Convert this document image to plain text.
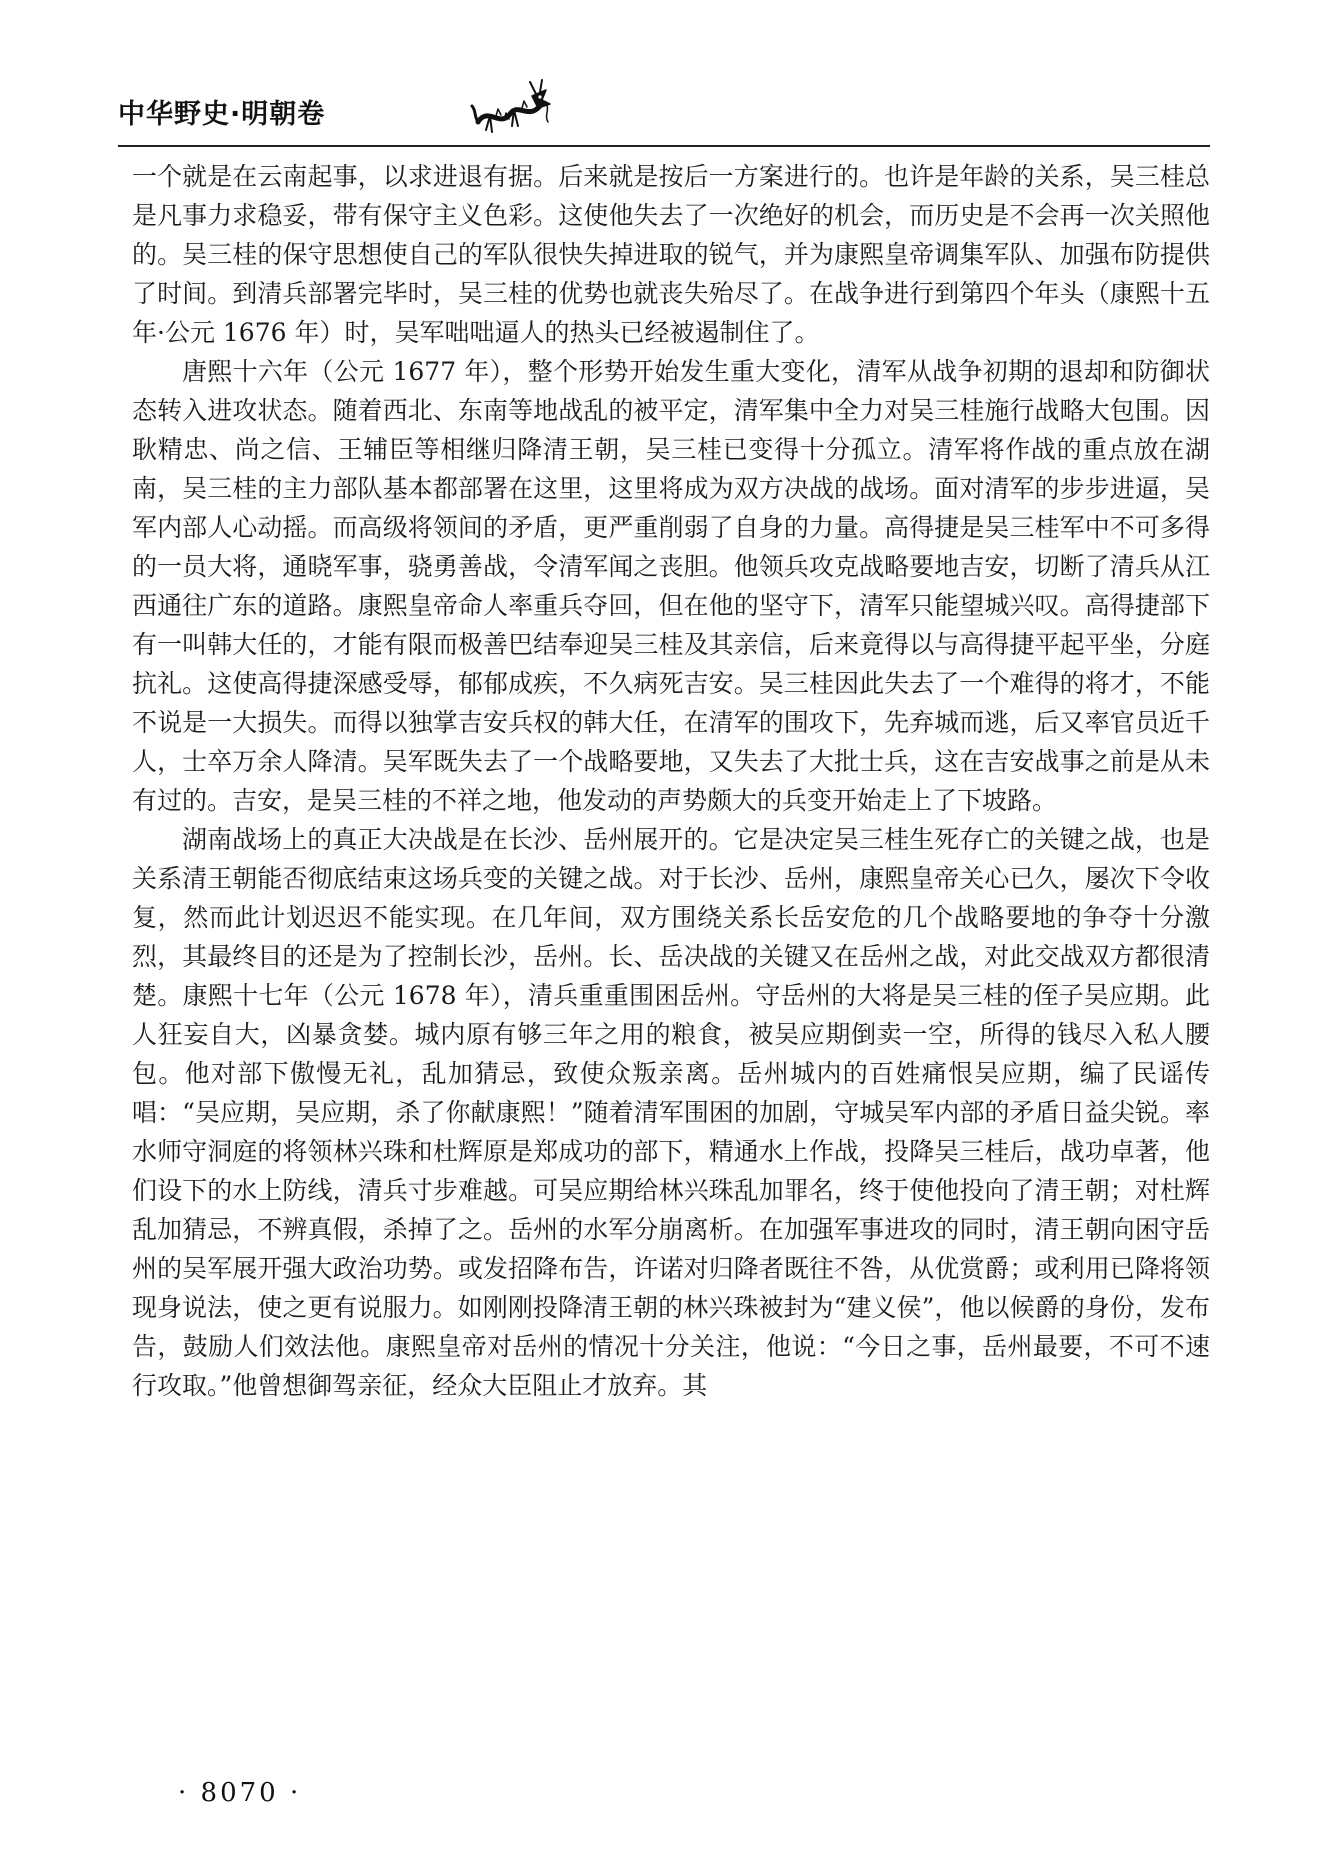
中华野史·明朝卷

一个就是在云南起事，以求进退有据。后来就是按后一方案进行的。也许是年龄的关系，吴三桂总是凡事力求稳妥，带有保守主义色彩。这使他失去了一次绝好的机会，而历史是不会再一次关照他的。吴三桂的保守思想使自己的军队很快失掉进取的锐气，并为康熙皇帝调集军队、加强布防提供了时间。到清兵部署完毕时，吴三桂的优势也就丧失殆尽了。在战争进行到第四个年头（康熙十五年·公元 1676 年）时，吴军咄咄逼人的热头已经被遏制住了。

唐熙十六年（公元 1677 年），整个形势开始发生重大变化，清军从战争初期的退却和防御状态转入进攻状态。随着西北、东南等地战乱的被平定，清军集中全力对吴三桂施行战略大包围。因耿精忠、尚之信、王辅臣等相继归降清王朝，吴三桂已变得十分孤立。清军将作战的重点放在湖南，吴三桂的主力部队基本都部署在这里，这里将成为双方决战的战场。面对清军的步步进逼，吴军内部人心动摇。而高级将领间的矛盾，更严重削弱了自身的力量。高得捷是吴三桂军中不可多得的一员大将，通晓军事，骁勇善战，令清军闻之丧胆。他领兵攻克战略要地吉安，切断了清兵从江西通往广东的道路。康熙皇帝命人率重兵夺回，但在他的坚守下，清军只能望城兴叹。高得捷部下有一叫韩大任的，才能有限而极善巴结奉迎吴三桂及其亲信，后来竟得以与高得捷平起平坐，分庭抗礼。这使高得捷深感受辱，郁郁成疾，不久病死吉安。吴三桂因此失去了一个难得的将才，不能不说是一大损失。而得以独掌吉安兵权的韩大任，在清军的围攻下，先弃城而逃，后又率官员近千人，士卒万余人降清。吴军既失去了一个战略要地，又失去了大批士兵，这在吉安战事之前是从未有过的。吉安，是吴三桂的不祥之地，他发动的声势颇大的兵变开始走上了下坡路。

湖南战场上的真正大决战是在长沙、岳州展开的。它是决定吴三桂生死存亡的关键之战，也是关系清王朝能否彻底结束这场兵变的关键之战。对于长沙、岳州，康熙皇帝关心已久，屡次下令收复，然而此计划迟迟不能实现。在几年间，双方围绕关系长岳安危的几个战略要地的争夺十分激烈，其最终目的还是为了控制长沙，岳州。长、岳决战的关键又在岳州之战，对此交战双方都很清楚。康熙十七年（公元 1678 年），清兵重重围困岳州。守岳州的大将是吴三桂的侄子吴应期。此人狂妄自大，凶暴贪婪。城内原有够三年之用的粮食，被吴应期倒卖一空，所得的钱尽入私人腰包。他对部下傲慢无礼，乱加猜忌，致使众叛亲离。岳州城内的百姓痛恨吴应期，编了民谣传唱：“吴应期，吴应期，杀了你献康熙！”随着清军围困的加剧，守城吴军内部的矛盾日益尖锐。率水师守洞庭的将领林兴珠和杜辉原是郑成功的部下，精通水上作战，投降吴三桂后，战功卓著，他们设下的水上防线，清兵寸步难越。可吴应期给林兴珠乱加罪名，终于使他投向了清王朝；对杜辉乱加猜忌，不辨真假，杀掉了之。岳州的水军分崩离析。在加强军事进攻的同时，清王朝向困守岳州的吴军展开强大政治功势。或发招降布告，许诺对归降者既往不咎，从优赏爵；或利用已降将领现身说法，使之更有说服力。如刚刚投降清王朝的林兴珠被封为“建义侯”，他以候爵的身份，发布告，鼓励人们效法他。康熙皇帝对岳州的情况十分关注，他说：“今日之事，岳州最要，不可不速行攻取。”他曾想御驾亲征，经众大臣阻止才放弃。其

· 8070 ·
